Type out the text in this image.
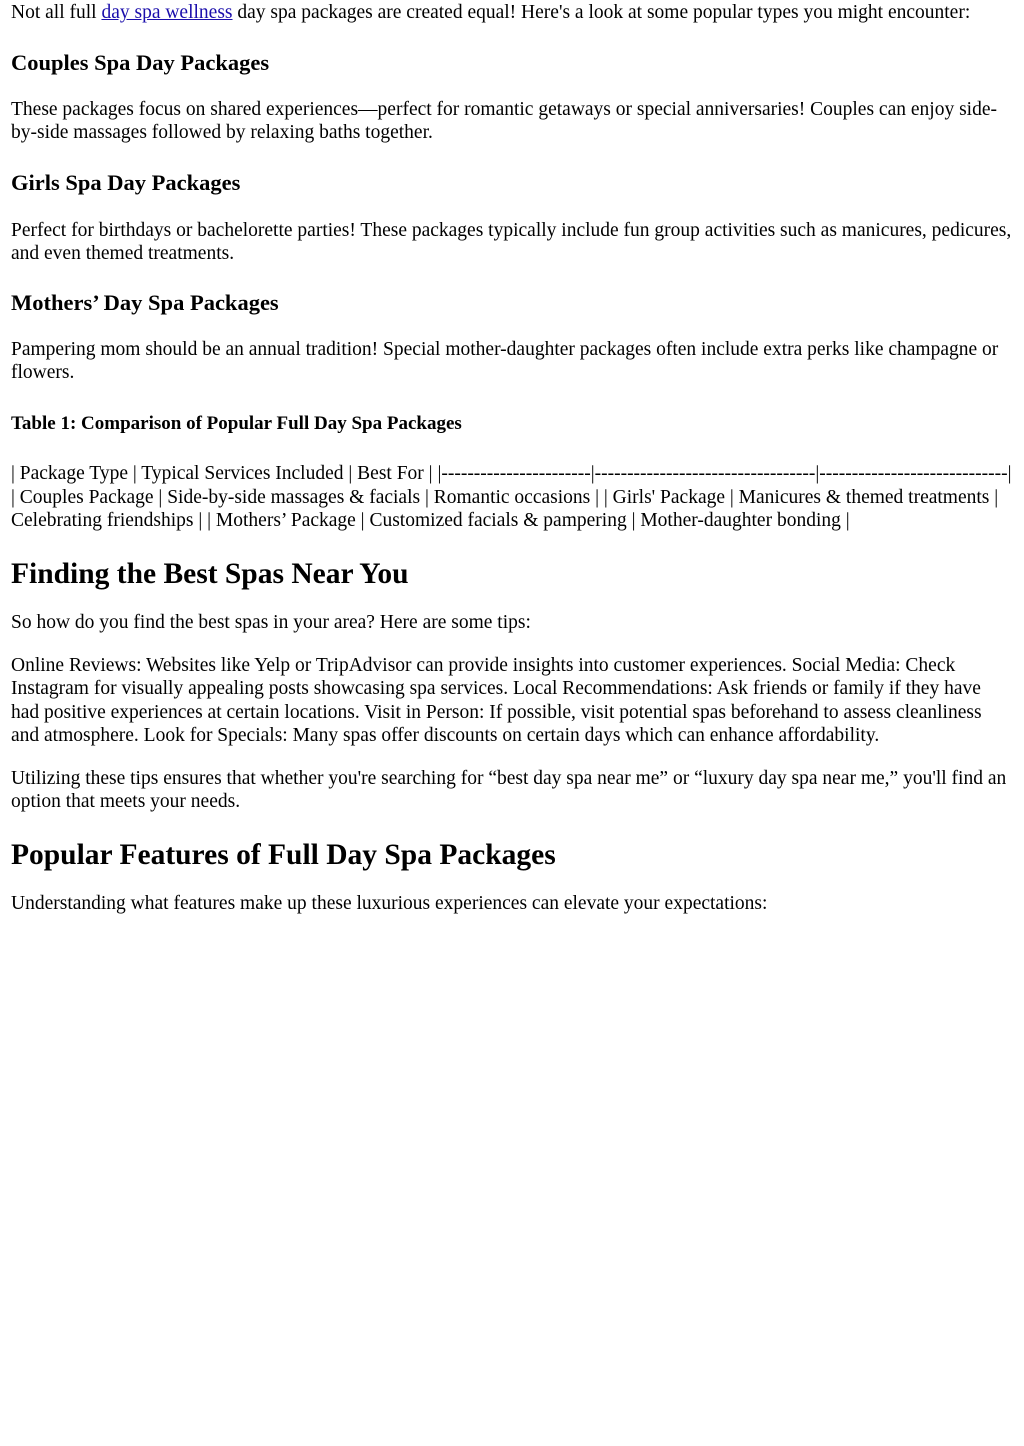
Not all full day spa wellness day spa packages are created equal! Here's a look at some popular types you might encounter:

Couples Spa Day Packages

These packages focus on shared experiences—perfect for romantic getaways or special anniversaries! Couples can enjoy side-by-side massages followed by relaxing baths together.

Girls Spa Day Packages

Perfect for birthdays or bachelorette parties! These packages typically include fun group activities such as manicures, pedicures, and even themed treatments.

Mothers’ Day Spa Packages

Pampering mom should be an annual tradition! Special mother-daughter packages often include extra perks like champagne or flowers.

Table 1: Comparison of Popular Full Day Spa Packages

| Package Type | Typical Services Included | Best For | |-----------------------|----------------------------------|-----------------------------| | Couples Package | Side-by-side massages & facials | Romantic occasions | | Girls' Package | Manicures & themed treatments | Celebrating friendships | | Mothers’ Package | Customized facials & pampering | Mother-daughter bonding |

Finding the Best Spas Near You

So how do you find the best spas in your area? Here are some tips:

Online Reviews: Websites like Yelp or TripAdvisor can provide insights into customer experiences. Social Media: Check Instagram for visually appealing posts showcasing spa services. Local Recommendations: Ask friends or family if they have had positive experiences at certain locations. Visit in Person: If possible, visit potential spas beforehand to assess cleanliness and atmosphere. Look for Specials: Many spas offer discounts on certain days which can enhance affordability.

Utilizing these tips ensures that whether you're searching for “best day spa near me” or “luxury day spa near me,” you'll find an option that meets your needs.

Popular Features of Full Day Spa Packages

Understanding what features make up these luxurious experiences can elevate your expectations:
